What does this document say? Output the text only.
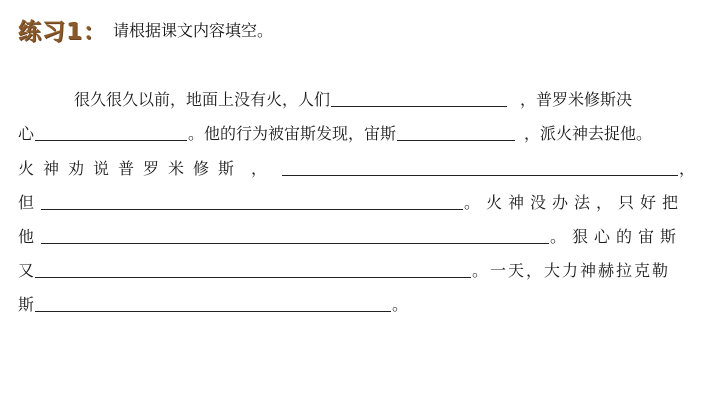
练习1： 请根据课文内容填空。
很久很久以前，地面上没有火，人们	，普罗米修斯决
心	。他的行为被宙斯发现，宙斯	，派火神去捉他。
火神劝说普罗米修斯 ，	，
但	。火神没办法，只好把
他	。狠心的宙斯
又	。一天，大力神赫拉克勒
斯	。
